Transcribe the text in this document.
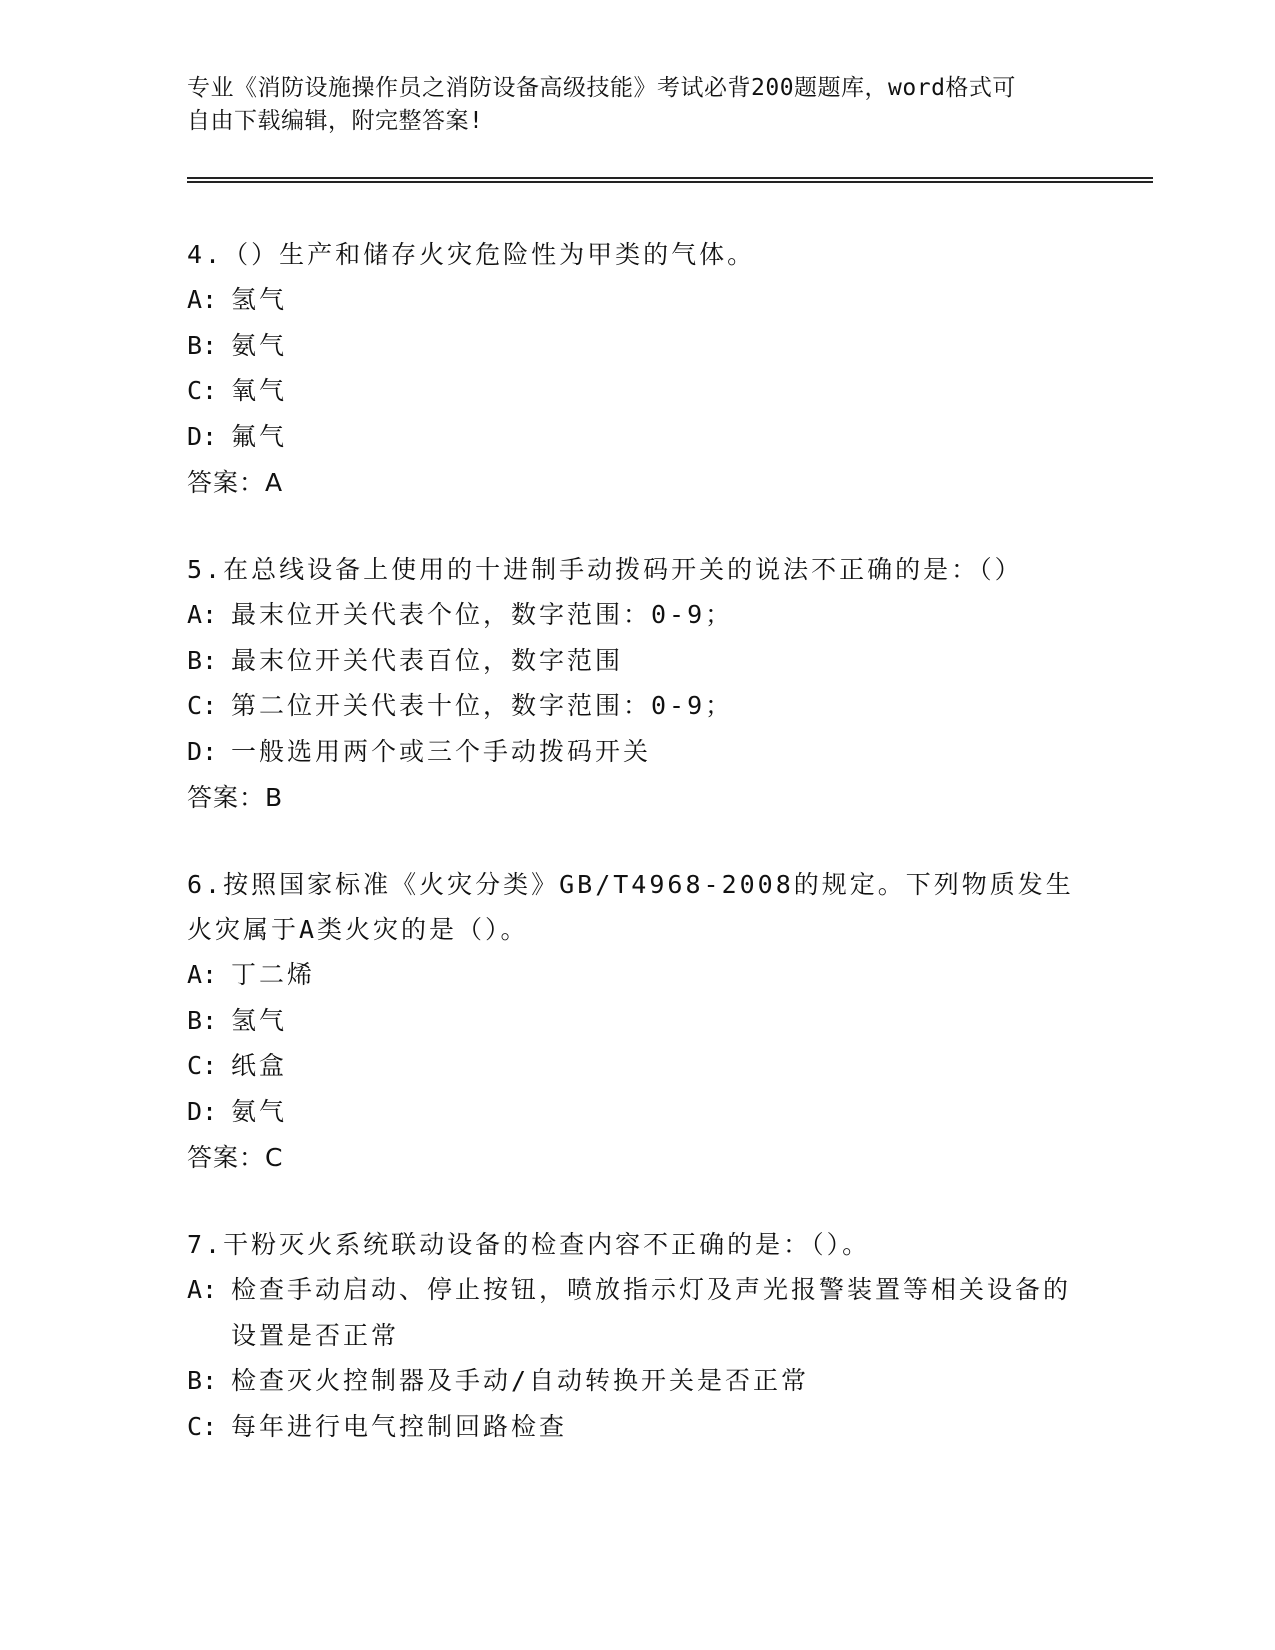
专业《消防设施操作员之消防设备高级技能》考试必背200题题库，word格式可
自由下载编辑，附完整答案!
4.（）生产和储存火灾危险性为甲类的气体。
A: 氢气
B: 氨气
C: 氧气
D: 氟气
答案：A
5.在总线设备上使用的十进制手动拨码开关的说法不正确的是：（）
A: 最末位开关代表个位，数字范围：0-9；
B: 最末位开关代表百位，数字范围
C: 第二位开关代表十位，数字范围：0-9；
D: 一般选用两个或三个手动拨码开关
答案：B
6.按照国家标准《火灾分类》GB/T4968-2008的规定。下列物质发生火灾属于A类火灾的是（）。
A: 丁二烯
B: 氢气
C: 纸盒
D: 氨气
答案：C
7.干粉灭火系统联动设备的检查内容不正确的是：（）。
A: 检查手动启动、停止按钮，喷放指示灯及声光报警装置等相关设备的设置是否正常
B: 检查灭火控制器及手动/自动转换开关是否正常
C: 每年进行电气控制回路检查
